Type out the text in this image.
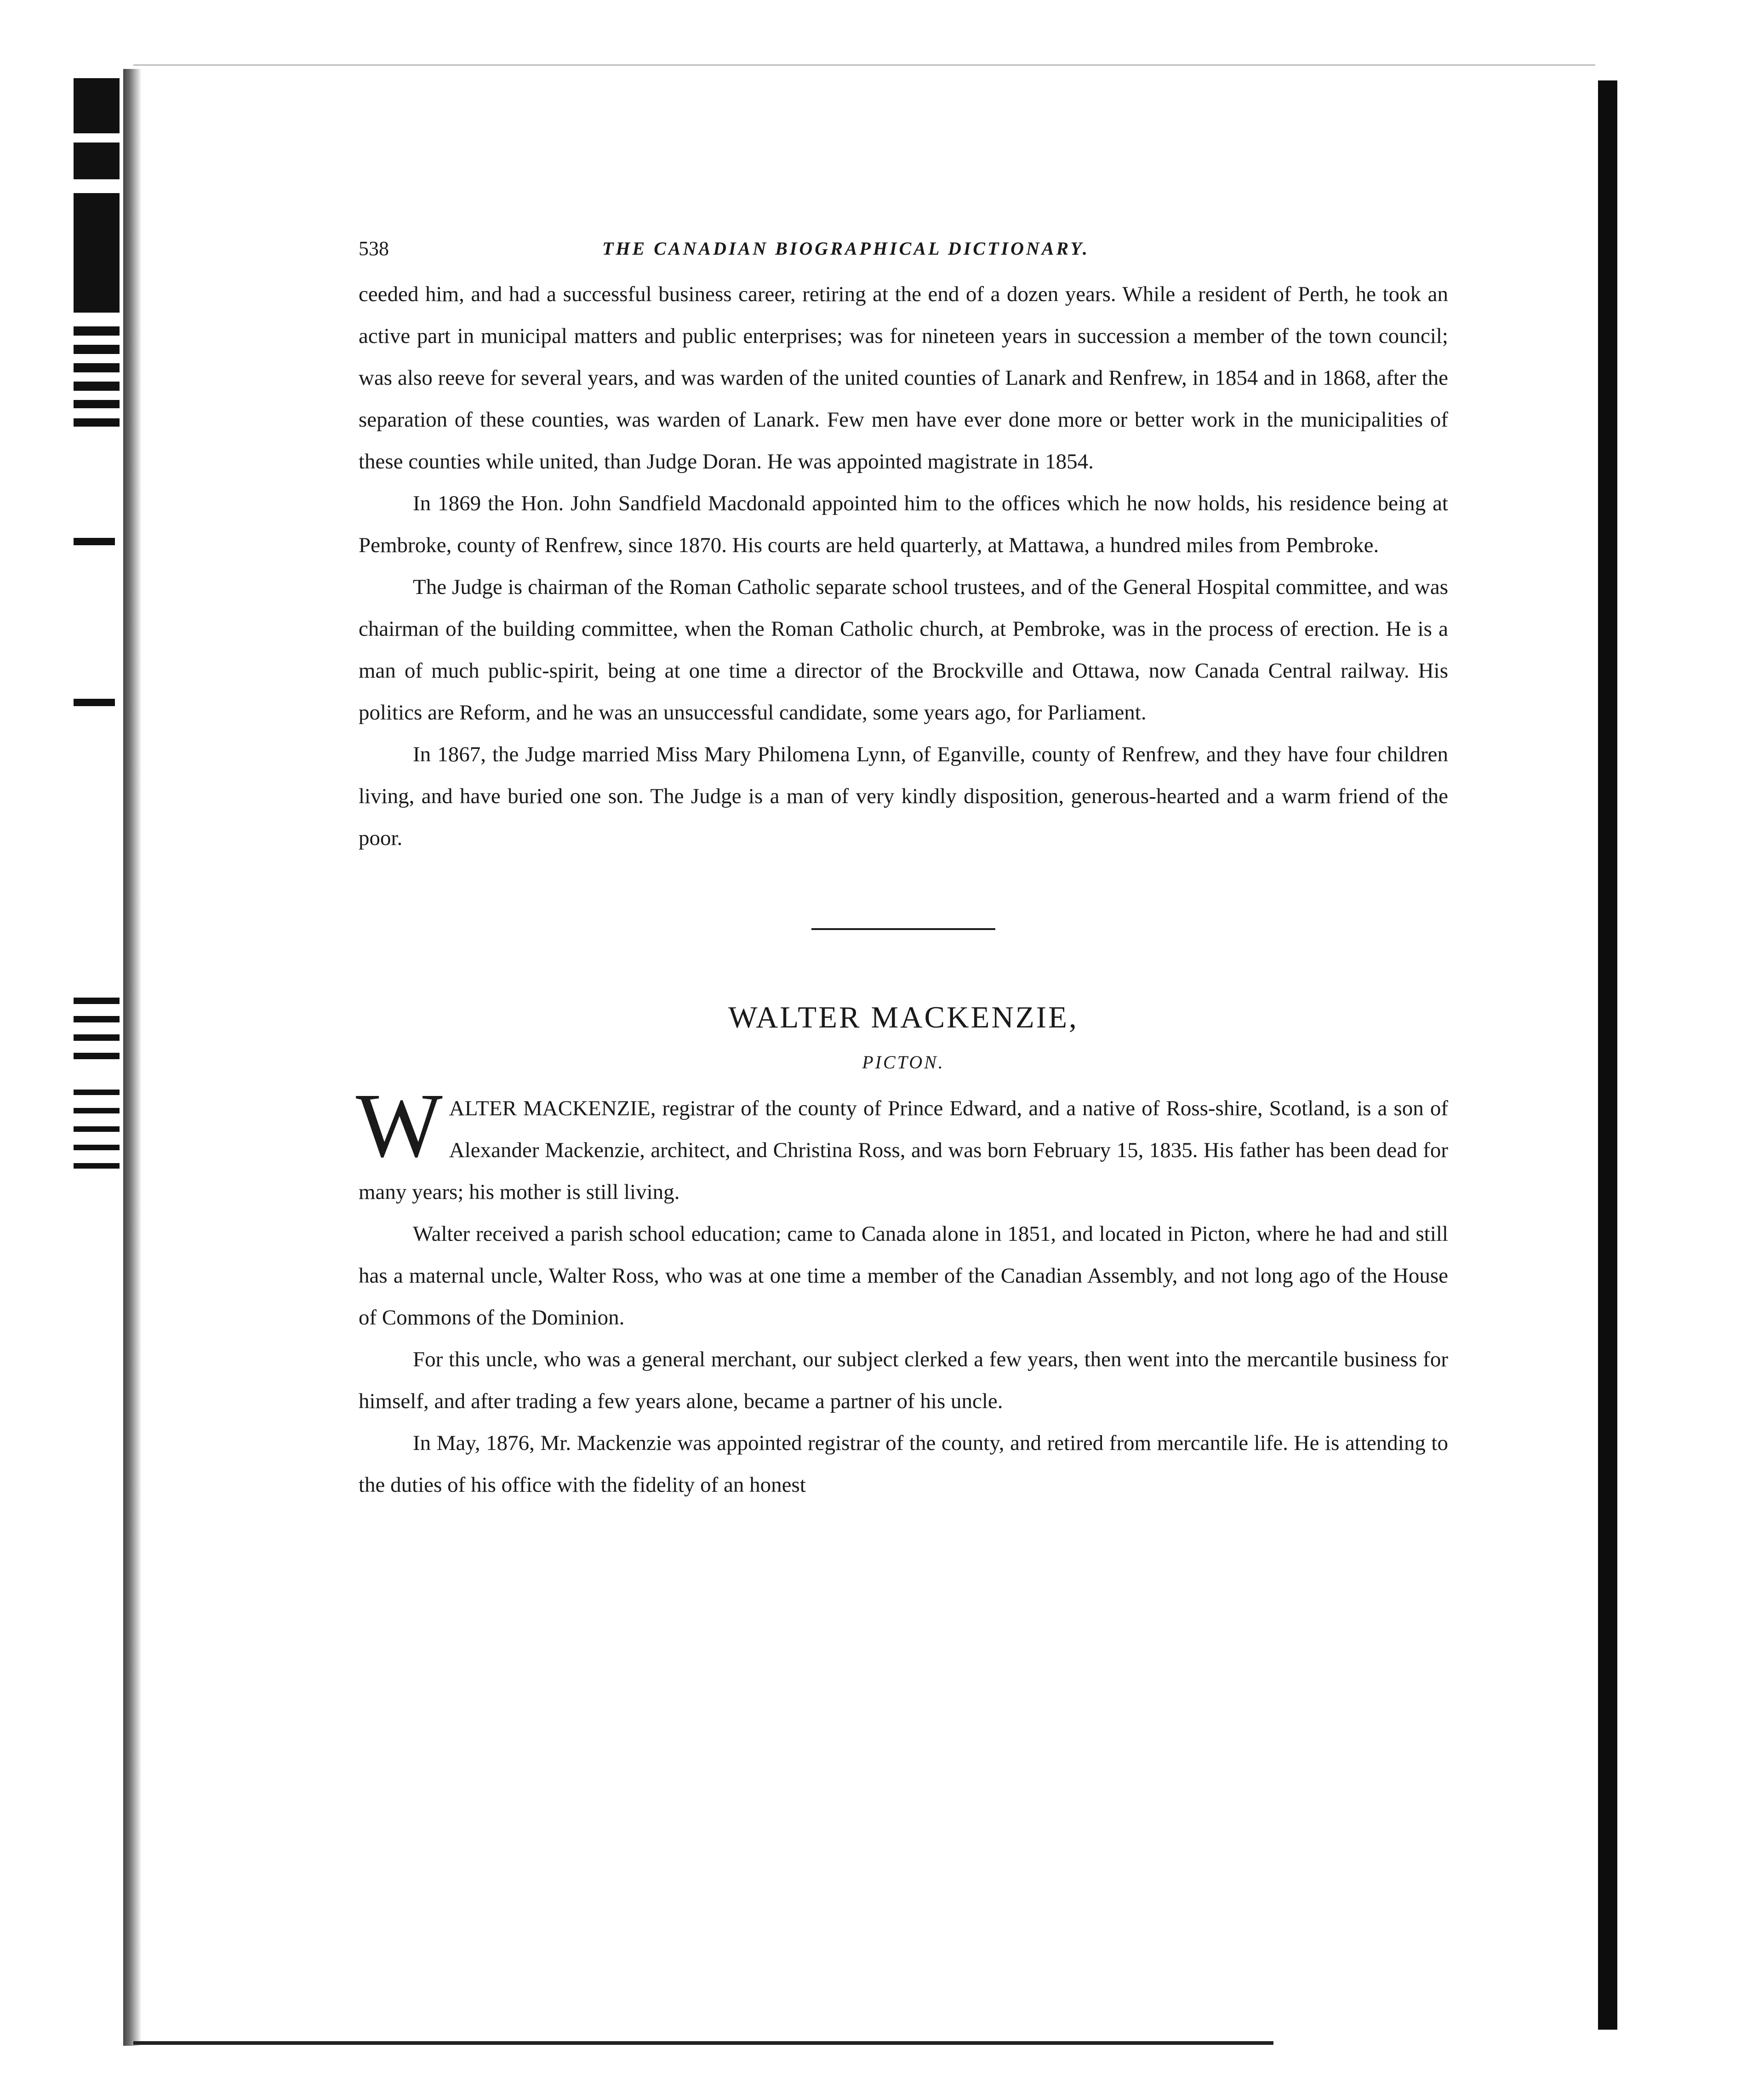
538	THE CANADIAN BIOGRAPHICAL DICTIONARY.

ceeded him, and had a successful business career, retiring at the end of a dozen years. While a resident of Perth, he took an active part in municipal matters and public enterprises; was for nineteen years in succession a member of the town council; was also reeve for several years, and was warden of the united counties of Lanark and Renfrew, in 1854 and in 1868, after the separation of these counties, was warden of Lanark. Few men have ever done more or better work in the municipalities of these counties while united, than Judge Doran. He was appointed magistrate in 1854.

In 1869 the Hon. John Sandfield Macdonald appointed him to the offices which he now holds, his residence being at Pembroke, county of Renfrew, since 1870. His courts are held quarterly, at Mattawa, a hundred miles from Pembroke.

The Judge is chairman of the Roman Catholic separate school trustees, and of the General Hospital committee, and was chairman of the building committee, when the Roman Catholic church, at Pembroke, was in the process of erection. He is a man of much public-spirit, being at one time a director of the Brockville and Ottawa, now Canada Central railway. His politics are Reform, and he was an unsuccessful candidate, some years ago, for Parliament.

In 1867, the Judge married Miss Mary Philomena Lynn, of Eganville, county of Renfrew, and they have four children living, and have buried one son. The Judge is a man of very kindly disposition, generous-hearted and a warm friend of the poor.

WALTER MACKENZIE,
PICTON.

WALTER MACKENZIE, registrar of the county of Prince Edward, and a native of Ross-shire, Scotland, is a son of Alexander Mackenzie, architect, and Christina Ross, and was born February 15, 1835. His father has been dead for many years; his mother is still living.

Walter received a parish school education; came to Canada alone in 1851, and located in Picton, where he had and still has a maternal uncle, Walter Ross, who was at one time a member of the Canadian Assembly, and not long ago of the House of Commons of the Dominion.

For this uncle, who was a general merchant, our subject clerked a few years, then went into the mercantile business for himself, and after trading a few years alone, became a partner of his uncle.

In May, 1876, Mr. Mackenzie was appointed registrar of the county, and retired from mercantile life. He is attending to the duties of his office with the fidelity of an honest
